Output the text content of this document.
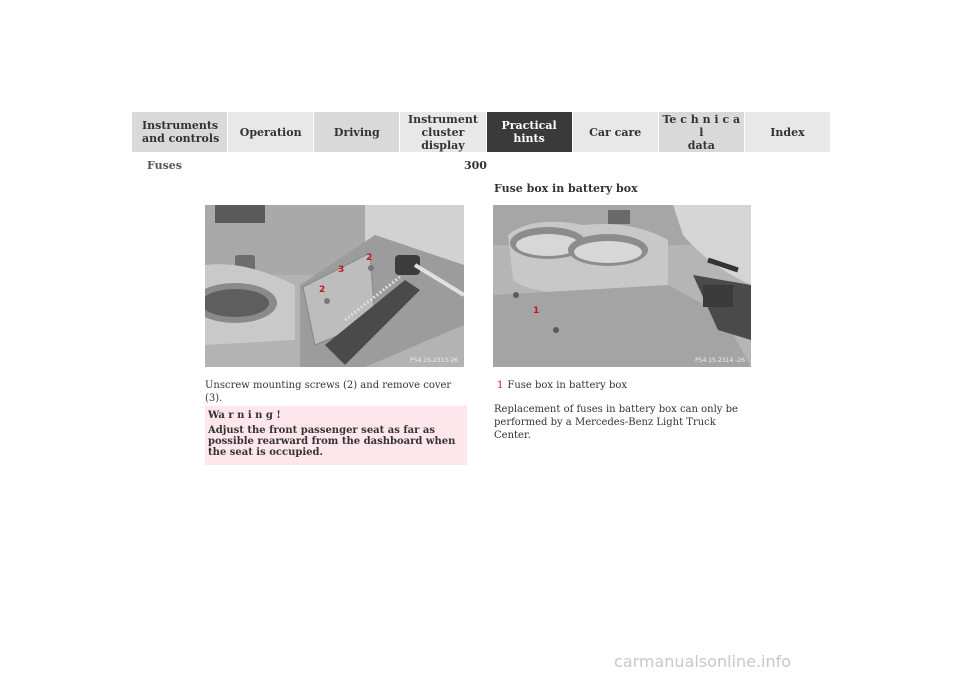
Instruments
and controls Operation	Driving
Instrument
cluster display
Practical hints	Car care
Te c h n i c a l
data
Index
Fuses	300
P54.15-2313-26
2
3
2
Fuse box in battery box
P54.15-2314 -26
1
Unscrew mounting screws (2) and remove cover (3).
Wa r n i n g !
Adjust the front passenger seat as far as possible rearward from the dashboard when the seat is occupied.
1 Fuse box in battery box
Replacement of fuses in battery box can only be performed by a Mercedes-Benz Light Truck Center.
carmanualsonline.info
